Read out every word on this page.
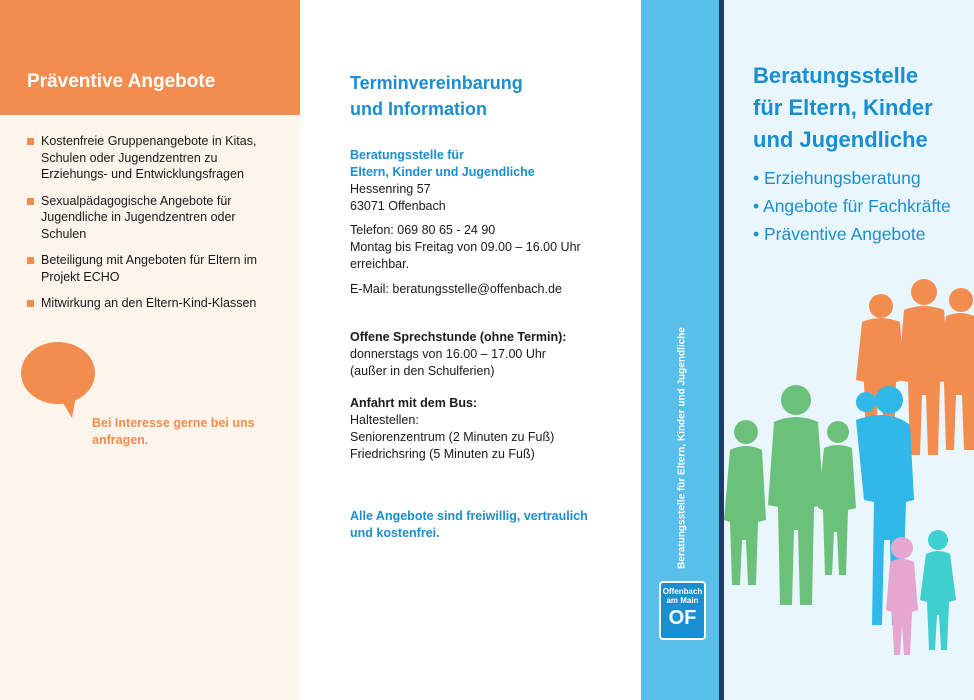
Präventive Angebote
Kostenfreie Gruppenangebote in Kitas, Schulen oder Jugendzentren zu Erziehungs- und Entwicklungsfragen
Sexualpädagogische Angebote für Jugendliche in Jugendzentren oder Schulen
Beteiligung mit Angeboten für Eltern im Projekt ECHO
Mitwirkung an den Eltern-Kind-Klassen
Bei Interesse gerne bei uns anfragen.
Terminvereinbarung
und Information
Beratungsstelle für
Eltern, Kinder und Jugendliche
Hessenring 57
63071 Offenbach
Telefon: 069 80 65 - 24 90
Montag bis Freitag von 09.00 – 16.00 Uhr
erreichbar.
E-Mail: beratungsstelle@offenbach.de
Offene Sprechstunde (ohne Termin):
donnerstags von 16.00 – 17.00 Uhr
(außer in den Schulferien)
Anfahrt mit dem Bus:
Haltestellen:
Seniorenzentrum (2 Minuten zu Fuß)
Friedrichsring (5 Minuten zu Fuß)
Alle Angebote sind freiwillig, vertraulich
und kostenfrei.	Beratungsstelle für Eltern, Kinder und Jugendliche
Offenbach
am Main
OF
Beratungsstelle
für Eltern, Kinder
und Jugendliche
• Erziehungsberatung
• Angebote für Fachkräfte
• Präventive Angebote
